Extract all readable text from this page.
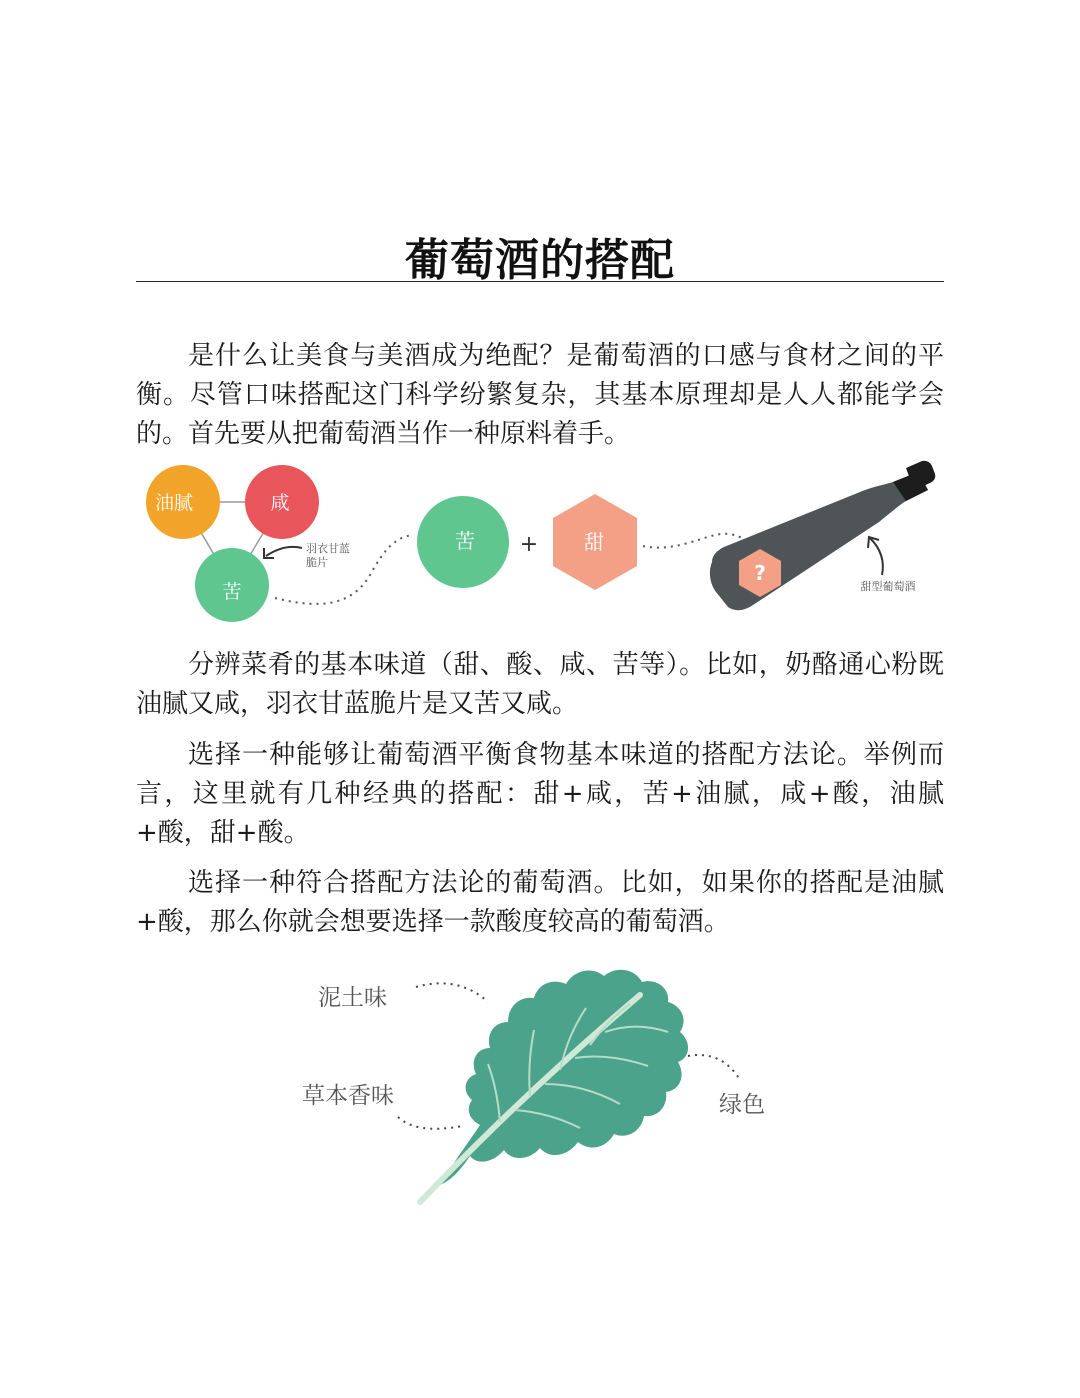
葡萄酒的搭配

是什么让美食与美酒成为绝配？是葡萄酒的口感与食材之间的平衡。尽管口味搭配这门科学纷繁复杂，其基本原理却是人人都能学会的。首先要从把葡萄酒当作一种原料着手。

油腻	咸
苦
羽衣甘蓝
脆片
苦 + 甜
?
甜型葡萄酒

分辨菜肴的基本味道（甜、酸、咸、苦等）。比如，奶酪通心粉既油腻又咸，羽衣甘蓝脆片是又苦又咸。

选择一种能够让葡萄酒平衡食物基本味道的搭配方法论。举例而言，这里就有几种经典的搭配：甜+咸，苦+油腻，咸+酸，油腻+酸，甜+酸。

选择一种符合搭配方法论的葡萄酒。比如，如果你的搭配是油腻+酸，那么你就会想要选择一款酸度较高的葡萄酒。

泥土味
草本香味	绿色
